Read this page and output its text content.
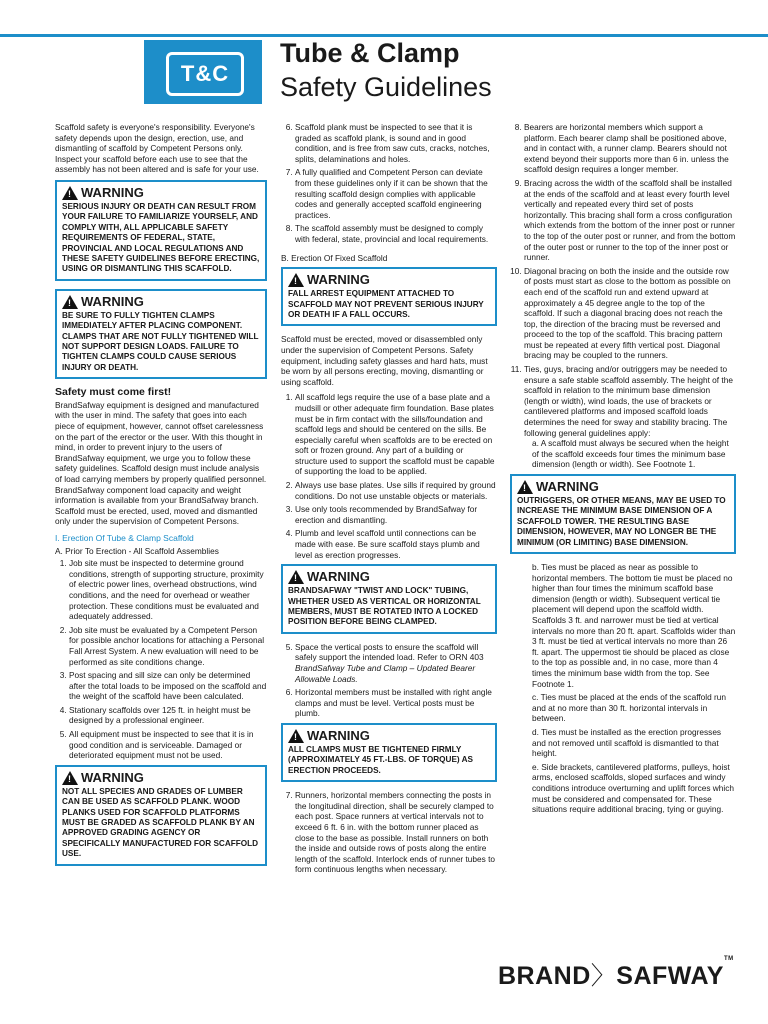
T&C
Tube & Clamp
Safety Guidelines

Scaffold safety is everyone's responsibility. Everyone's safety depends upon the design, erection, use, and dismantling of scaffold by Competent Persons only. Inspect your scaffold before each use to see that the assembly has not been altered and is safe for your use.

! WARNING
SERIOUS INJURY OR DEATH CAN RESULT FROM YOUR FAILURE TO FAMILIARIZE YOURSELF, AND COMPLY WITH, ALL APPLICABLE SAFETY REQUIREMENTS OF FEDERAL, STATE, PROVINCIAL AND LOCAL REGULATIONS AND THESE SAFETY GUIDELINES BEFORE ERECTING, USING OR DISMANTLING THIS SCAFFOLD.
! WARNING
BE SURE TO FULLY TIGHTEN CLAMPS IMMEDIATELY AFTER PLACING COMPONENT. CLAMPS THAT ARE NOT FULLY TIGHTENED WILL NOT SUPPORT DESIGN LOADS. FAILURE TO TIGHTEN CLAMPS COULD CAUSE SERIOUS INJURY OR DEATH.
Safety must come first!

BrandSafway equipment is designed and manufactured with the user in mind. The safety that goes into each piece of equipment, however, cannot offset carelessness on the part of the erector or the user. With this thought in mind, in order to prevent injury to the users of BrandSafway equipment, we urge you to follow these safety guidelines. Scaffold design must include analysis of load carrying members by properly qualified personnel. BrandSafway component load capacity and weight information is available from your BrandSafway branch. Scaffold must be erected, used, moved and dismantled only under the supervision of Competent Persons.

I. Erection Of Tube & Clamp Scaffold
A. Prior To Erection - All Scaffold Assemblies
1. Job site must be inspected to determine ground conditions, strength of supporting structure, proximity of electric power lines, overhead obstructions, wind conditions, and the need for overhead or weather protection. These conditions must be evaluated and adequately addressed.
2. Job site must be evaluated by a Competent Person for possible anchor locations for attaching a Personal Fall Arrest System. A new evaluation will need to be performed as site conditions change.
3. Post spacing and sill size can only be determined after the total loads to be imposed on the scaffold and the weight of the scaffold have been calculated.
4. Stationary scaffolds over 125 ft. in height must be designed by a professional engineer.
5. All equipment must be inspected to see that it is in good condition and is serviceable. Damaged or deteriorated equipment must not be used.
! WARNING
NOT ALL SPECIES AND GRADES OF LUMBER CAN BE USED AS SCAFFOLD PLANK. WOOD PLANKS USED FOR SCAFFOLD PLATFORMS MUST BE GRADED AS SCAFFOLD PLANK BY AN APPROVED GRADING AGENCY OR SPECIFICALLY MANUFACTURED FOR SCAFFOLD USE.
6. Scaffold plank must be inspected to see that it is graded as scaffold plank, is sound and in good condition, and is free from saw cuts, cracks, notches, splits, delaminations and holes.
7. A fully qualified and Competent Person can deviate from these guidelines only if it can be shown that the resulting scaffold design complies with applicable codes and generally accepted scaffold engineering practices.
8. The scaffold assembly must be designed to comply with federal, state, provincial and local requirements.
B. Erection Of Fixed Scaffold
! WARNING
FALL ARREST EQUIPMENT ATTACHED TO SCAFFOLD MAY NOT PREVENT SERIOUS INJURY OR DEATH IF A FALL OCCURS.

Scaffold must be erected, moved or disassembled only under the supervision of Competent Persons. Safety equipment, including safety glasses and hard hats, must be worn by all persons erecting, moving, dismantling or using scaffold.

1. All scaffold legs require the use of a base plate and a mudsill or other adequate firm foundation. Base plates must be in firm contact with the sills/foundation and scaffold legs and should be centered on the sills. Be especially careful when scaffolds are to be erected on soft or frozen ground. Any part of a building or structure used to support the scaffold must be capable of supporting the load to be applied.
2. Always use base plates. Use sills if required by ground conditions. Do not use unstable objects or materials.
3. Use only tools recommended by BrandSafway for erection and dismantling.
4. Plumb and level scaffold until connections can be made with ease. Be sure scaffold stays plumb and level as erection progresses.
! WARNING
BRANDSAFWAY "TWIST AND LOCK" TUBING, WHETHER USED AS VERTICAL OR HORIZONTAL MEMBERS, MUST BE ROTATED INTO A LOCKED POSITION BEFORE BEING CLAMPED.
5. Space the vertical posts to ensure the scaffold will safely support the intended load. Refer to ORN 403 BrandSafway Tube and Clamp – Updated Bearer Allowable Loads.
6. Horizontal members must be installed with right angle clamps and must be level. Vertical posts must be plumb.
! WARNING
ALL CLAMPS MUST BE TIGHTENED FIRMLY (APPROXIMATELY 45 FT.-LBS. OF TORQUE) AS ERECTION PROCEEDS.
7. Runners, horizontal members connecting the posts in the longitudinal direction, shall be securely clamped to each post. Space runners at vertical intervals not to exceed 6 ft. 6 in. with the bottom runner placed as close to the base as possible. Install runners on both the inside and outside rows of posts along the entire length of the scaffold. Interlock ends of runner tubes to form continuous lengths when necessary.
8. Bearers are horizontal members which support a platform. Each bearer clamp shall be positioned above, and in contact with, a runner clamp. Bearers should not extend beyond their supports more than 6 in. unless the scaffold design requires a longer member.
9. Bracing across the width of the scaffold shall be installed at the ends of the scaffold and at least every fourth level vertically and repeated every third set of posts horizontally. This bracing shall form a cross configuration which extends from the bottom of the inner post or runner to the top of the outer post or runner, and from the bottom of the outer post or runner to the top of the inner post or runner.
10. Diagonal bracing on both the inside and the outside row of posts must start as close to the bottom as possible on each end of the scaffold run and extend upward at approximately a 45 degree angle to the top of the scaffold. If such a diagonal bracing does not reach the top, the direction of the bracing must be reversed and proceed to the top of the scaffold. This bracing pattern must be repeated at every fifth vertical post. Diagonal bracing may be coupled to the runners.
11. Ties, guys, bracing and/or outriggers may be needed to ensure a safe stable scaffold assembly. The height of the scaffold in relation to the minimum base dimension (length or width), wind loads, the use of brackets or cantilevered platforms and imposed scaffold loads determines the need for sway and stability bracing. The following general guidelines apply:
a. A scaffold must always be secured when the height of the scaffold exceeds four times the minimum base dimension (length or width). See Footnote 1.
! WARNING
OUTRIGGERS, OR OTHER MEANS, MAY BE USED TO INCREASE THE MINIMUM BASE DIMENSION OF A SCAFFOLD TOWER. THE RESULTING BASE DIMENSION, HOWEVER, MAY NO LONGER BE THE MINIMUM (OR LIMITING) BASE DIMENSION.
b. Ties must be placed as near as possible to horizontal members. The bottom tie must be placed no higher than four times the minimum scaffold base dimension (length or width). Subsequent vertical tie placement will depend upon the scaffold width. Scaffolds 3 ft. and narrower must be tied at vertical intervals no more than 20 ft. apart. Scaffolds wider than 3 ft. must be tied at vertical intervals no more than 26 ft. apart. The uppermost tie should be placed as close to the top as possible and, in no case, more than 4 times the minimum base width from the top. See Footnote 1.
c. Ties must be placed at the ends of the scaffold run and at no more than 30 ft. horizontal intervals in between.
d. Ties must be installed as the erection progresses and not removed until scaffold is dismantled to that height.
e. Side brackets, cantilevered platforms, pulleys, hoist arms, enclosed scaffolds, sloped surfaces and windy conditions introduce overturning and uplift forces which must be considered and compensated for. These situations require additional bracing, tying or guying.
BRAND〉SAFWAY™
